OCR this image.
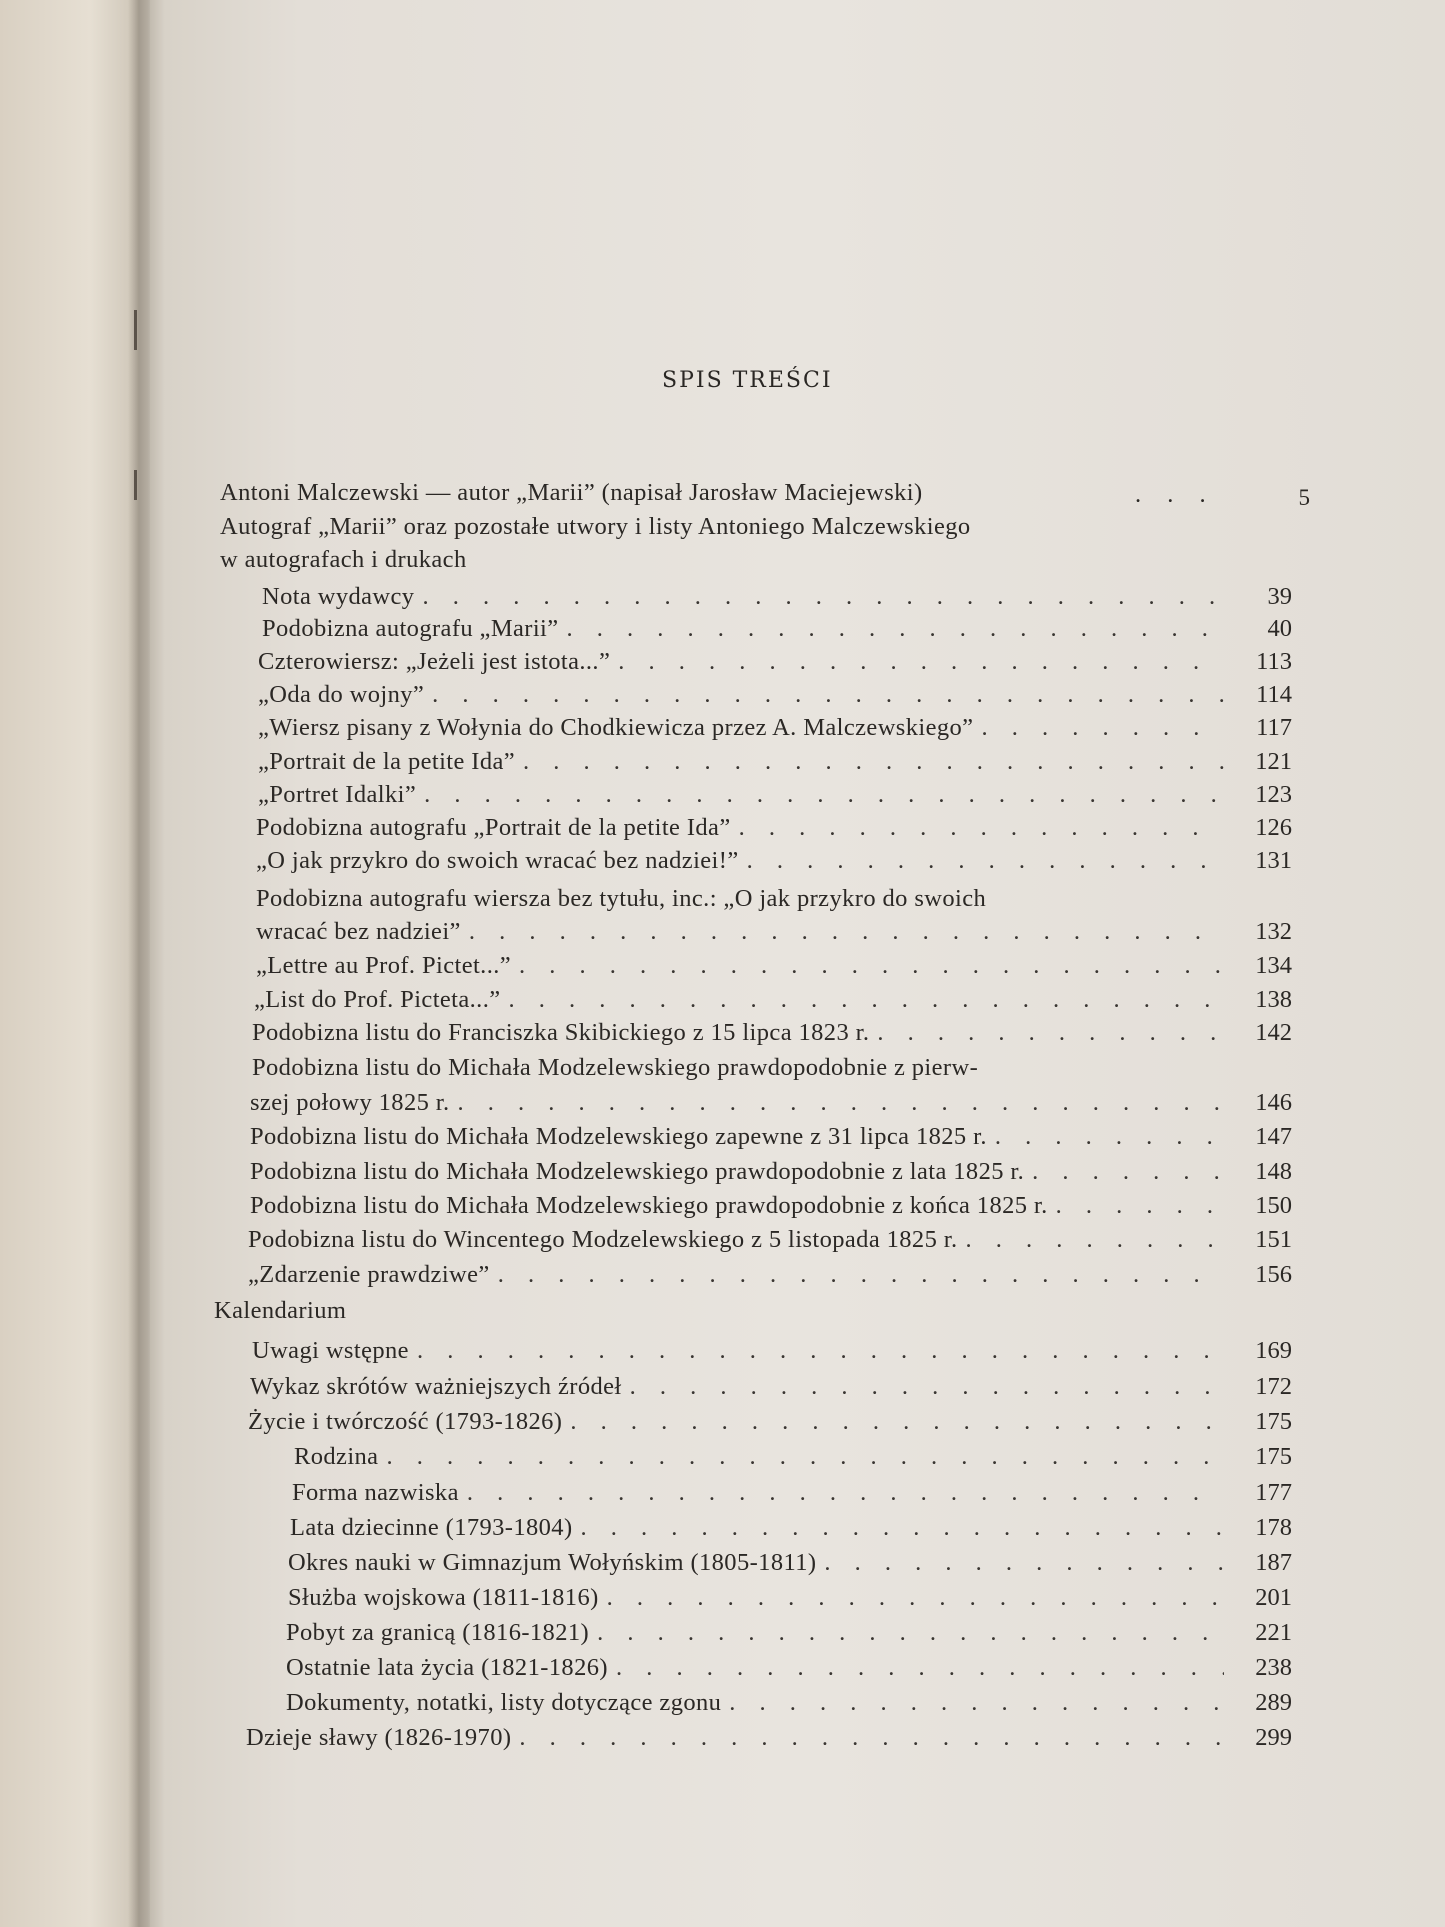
SPIS TREŚCI
Antoni Malczewski — autor „Marii” (napisał Jarosław Maciejewski)	. . .	5
Autograf „Marii” oraz pozostałe utwory i listy Antoniego Malczewskiego
w autografach i drukach
Nota wydawcy . . .	39
Podobizna autografu „Marii” . . .	40
Czterowiersz: „Jeżeli jest istota...” . . .	113
„Oda do wojny” . . .	114
„Wiersz pisany z Wołynia do Chodkiewicza przez A. Malczewskiego” . . .	117
„Portrait de la petite Ida” . . .	121
„Portret Idalki” . . .	123
Podobizna autografu „Portrait de la petite Ida” . . .	126
„O jak przykro do swoich wracać bez nadziei!” . . .	131
Podobizna autografu wiersza bez tytułu, inc.: „O jak przykro do swoich
wracać bez nadziei” . . .	132
„Lettre au Prof. Pictet...” . . .	134
„List do Prof. Picteta...” . . .	138
Podobizna listu do Franciszka Skibickiego z 15 lipca 1823 r. . . .	142
Podobizna listu do Michała Modzelewskiego prawdopodobnie z pierw-
szej połowy 1825 r. . . .	146
Podobizna listu do Michała Modzelewskiego zapewne z 31 lipca 1825 r. . . .	147
Podobizna listu do Michała Modzelewskiego prawdopodobnie z lata 1825 r. . . .	148
Podobizna listu do Michała Modzelewskiego prawdopodobnie z końca 1825 r. . . .	150
Podobizna listu do Wincentego Modzelewskiego z 5 listopada 1825 r. . . .	151
„Zdarzenie prawdziwe” . . .	156
Kalendarium
Uwagi wstępne . . .	169
Wykaz skrótów ważniejszych źródeł . . .	172
Życie i twórczość (1793-1826) . . .	175
Rodzina . . .	175
Forma nazwiska . . .	177
Lata dziecinne (1793-1804) . . .	178
Okres nauki w Gimnazjum Wołyńskim (1805-1811) . . .	187
Służba wojskowa (1811-1816) . . .	201
Pobyt za granicą (1816-1821) . . .	221
Ostatnie lata życia (1821-1826) . . .	238
Dokumenty, notatki, listy dotyczące zgonu . . .	289
Dzieje sławy (1826-1970) . . .	299
